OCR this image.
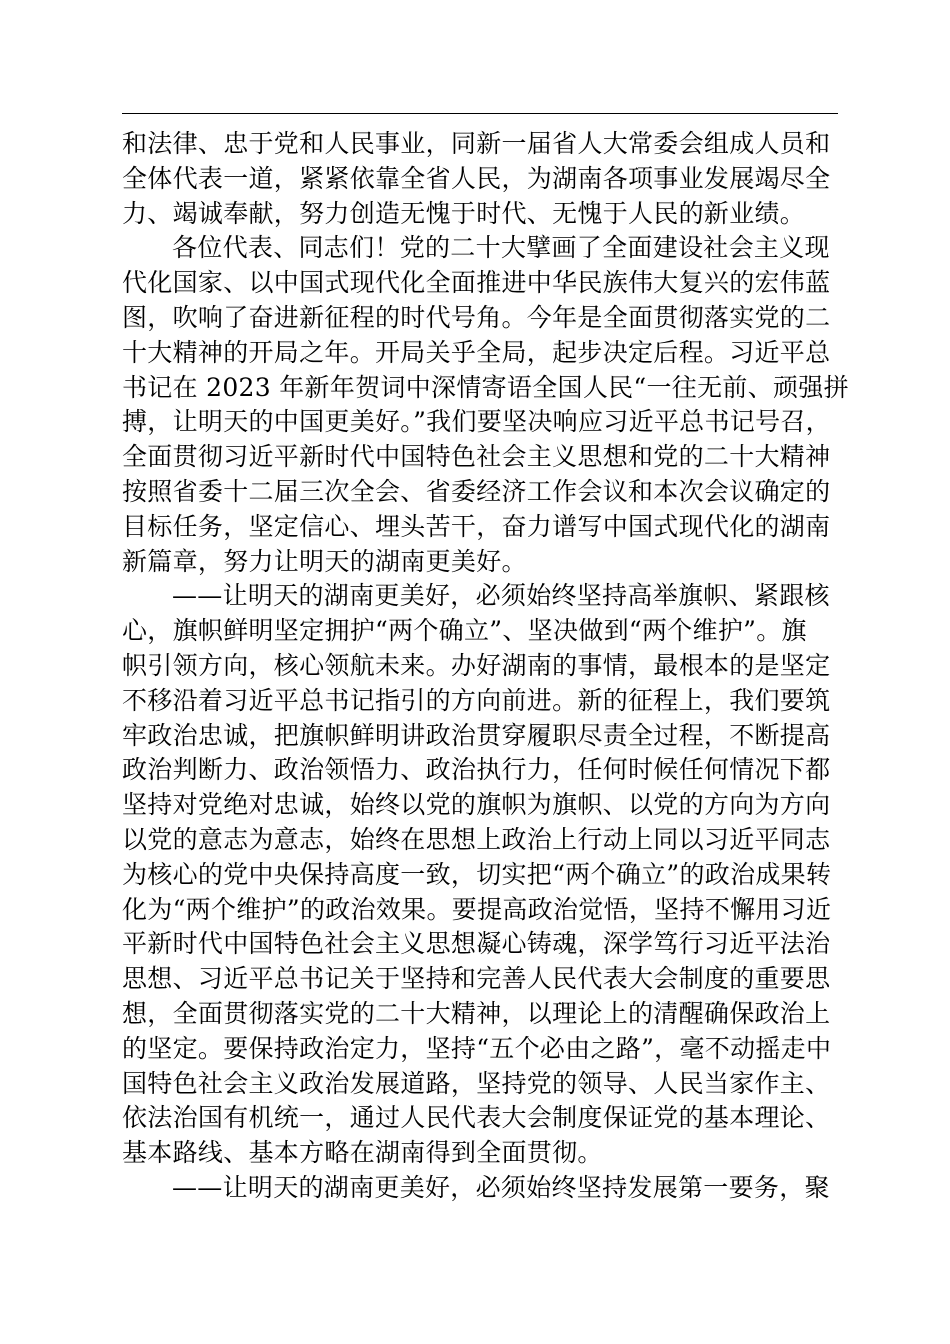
和法律、忠于党和人民事业，同新一届省人大常委会组成人员和
全体代表一道，紧紧依靠全省人民，为湖南各项事业发展竭尽全
力、竭诚奉献，努力创造无愧于时代、无愧于人民的新业绩。
各位代表、同志们！党的二十大擘画了全面建设社会主义现
代化国家、以中国式现代化全面推进中华民族伟大复兴的宏伟蓝
图，吹响了奋进新征程的时代号角。今年是全面贯彻落实党的二
十大精神的开局之年。开局关乎全局，起步决定后程。习近平总
书记在 2023 年新年贺词中深情寄语全国人民“一往无前、顽强拼
搏，让明天的中国更美好。”我们要坚决响应习近平总书记号召，
全面贯彻习近平新时代中国特色社会主义思想和党的二十大精神
按照省委十二届三次全会、省委经济工作会议和本次会议确定的
目标任务，坚定信心、埋头苦干，奋力谱写中国式现代化的湖南
新篇章，努力让明天的湖南更美好。
——让明天的湖南更美好，必须始终坚持高举旗帜、紧跟核
心，旗帜鲜明坚定拥护“两个确立”、坚决做到“两个维护”。旗
帜引领方向，核心领航未来。办好湖南的事情，最根本的是坚定
不移沿着习近平总书记指引的方向前进。新的征程上，我们要筑
牢政治忠诚，把旗帜鲜明讲政治贯穿履职尽责全过程，不断提高
政治判断力、政治领悟力、政治执行力，任何时候任何情况下都
坚持对党绝对忠诚，始终以党的旗帜为旗帜、以党的方向为方向
以党的意志为意志，始终在思想上政治上行动上同以习近平同志
为核心的党中央保持高度一致，切实把“两个确立”的政治成果转
化为“两个维护”的政治效果。要提高政治觉悟，坚持不懈用习近
平新时代中国特色社会主义思想凝心铸魂，深学笃行习近平法治
思想、习近平总书记关于坚持和完善人民代表大会制度的重要思
想，全面贯彻落实党的二十大精神，以理论上的清醒确保政治上
的坚定。要保持政治定力，坚持“五个必由之路”，毫不动摇走中
国特色社会主义政治发展道路，坚持党的领导、人民当家作主、
依法治国有机统一，通过人民代表大会制度保证党的基本理论、
基本路线、基本方略在湖南得到全面贯彻。
——让明天的湖南更美好，必须始终坚持发展第一要务，聚
